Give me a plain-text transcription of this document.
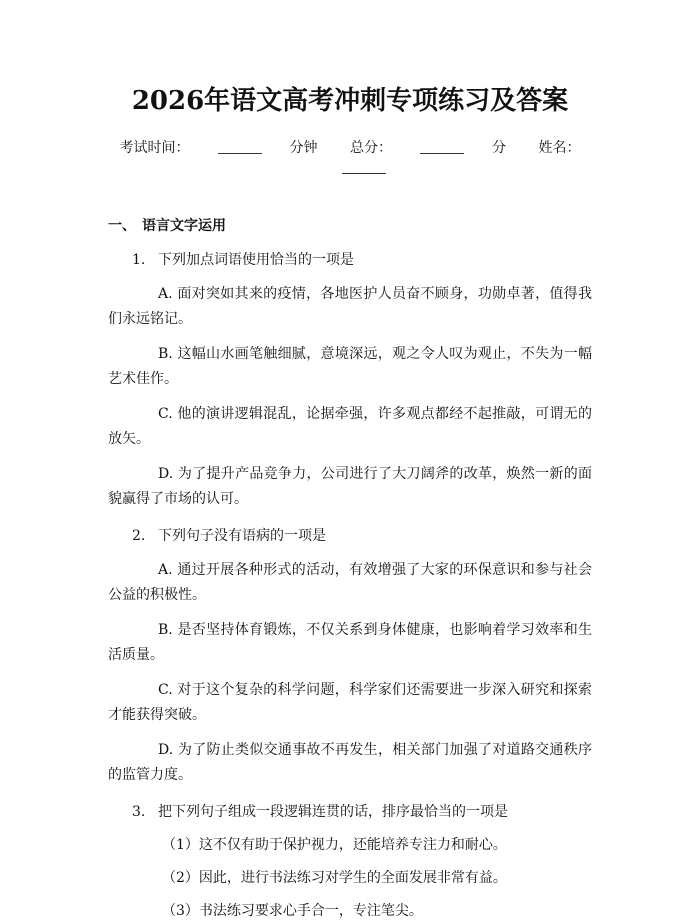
2026年语文高考冲刺专项练习及答案
考试时间：	分钟 总分：	分 姓名：
一、 语言文字运用
1. 下列加点词语使用恰当的一项是
A. 面对突如其来的疫情，各地医护人员奋不顾身，功勋卓著，值得我们永远铭记。
B. 这幅山水画笔触细腻，意境深远，观之令人叹为观止，不失为一幅艺术佳作。
C. 他的演讲逻辑混乱，论据牵强，许多观点都经不起推敲，可谓无的放矢。
D. 为了提升产品竞争力，公司进行了大刀阔斧的改革，焕然一新的面貌赢得了市场的认可。
2. 下列句子没有语病的一项是
A. 通过开展各种形式的活动，有效增强了大家的环保意识和参与社会公益的积极性。
B. 是否坚持体育锻炼，不仅关系到身体健康，也影响着学习效率和生活质量。
C. 对于这个复杂的科学问题，科学家们还需要进一步深入研究和探索才能获得突破。
D. 为了防止类似交通事故不再发生，相关部门加强了对道路交通秩序的监管力度。
3. 把下列句子组成一段逻辑连贯的话，排序最恰当的一项是
（1）这不仅有助于保护视力，还能培养专注力和耐心。
（2）因此，进行书法练习对学生的全面发展非常有益。
（3）书法练习要求心手合一，专注笔尖。
